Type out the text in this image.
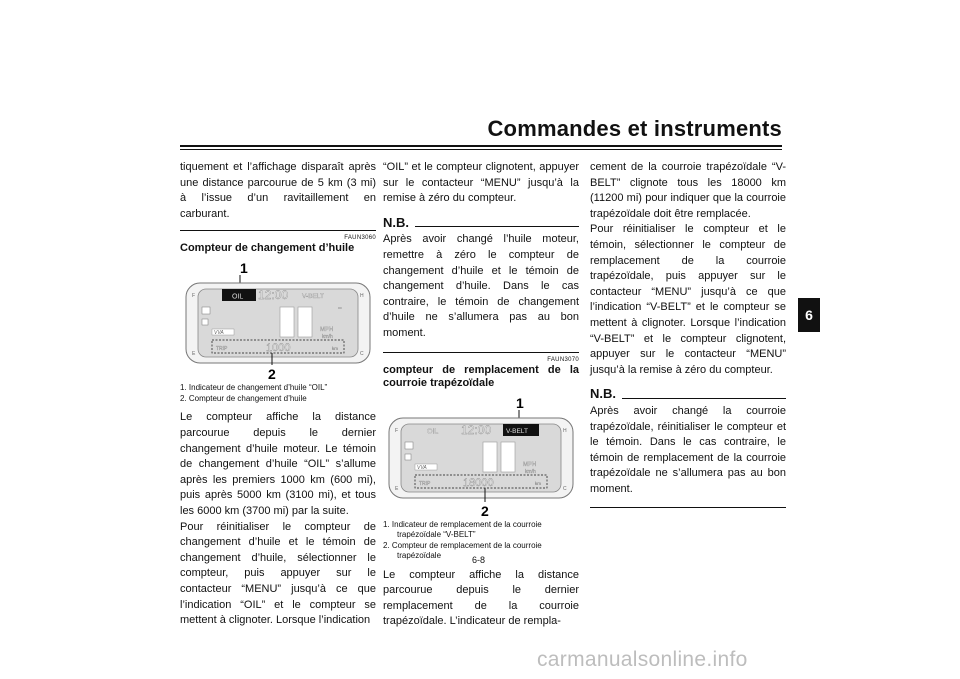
Commandes et instruments
6

tiquement et l’affichage disparaît après une distance parcourue de 5 km (3 mi) à l’issue d’un ravitaillement en carburant.

FAUN3060

Compteur de changement d’huile

1
OIL 12:00 V-BELT
F	H
E	C
▭
MPH
km/h
VVA
TRIP	1000	km
2
1. Indicateur de changement d’huile “OIL”
2. Compteur de changement d’huile

Le compteur affiche la distance parcourue depuis le dernier changement d’huile moteur. Le témoin de changement d’huile “OIL” s’allume après les premiers 1000 km (600 mi), puis après 5000 km (3100 mi), et tous les 6000 km (3700 mi) par la suite.

Pour réinitialiser le compteur de changement d’huile et le témoin de changement d’huile, sélectionner le compteur, puis appuyer sur le contacteur “MENU” jusqu’à ce que l’indication “OIL” et le compteur se mettent à clignoter. Lorsque l’indication

“OIL” et le compteur clignotent, appuyer sur le contacteur “MENU” jusqu’à la remise à zéro du compteur.

N.B.

Après avoir changé l’huile moteur, remettre à zéro le compteur de changement d’huile et le témoin de changement d’huile. Dans le cas contraire, le témoin de changement d’huile ne s’allumera pas au bon moment.

FAUN3070

compteur de remplacement de la courroie trapézoïdale

1
OIL 12:00 V-BELT
F	H
E	C
MPH
km/h
VVA
TRIP	18000	km
2
1. Indicateur de remplacement de la courroie trapézoïdale “V-BELT”
2. Compteur de remplacement de la courroie trapézoïdale

Le compteur affiche la distance parcourue depuis le dernier remplacement de la courroie trapézoïdale. L’indicateur de rempla-

cement de la courroie trapézoïdale “V-BELT” clignote tous les 18000 km (11200 mi) pour indiquer que la courroie trapézoïdale doit être remplacée.

Pour réinitialiser le compteur et le témoin, sélectionner le compteur de remplacement de la courroie trapézoïdale, puis appuyer sur le contacteur “MENU” jusqu’à ce que l’indication “V-BELT” et le compteur se mettent à clignoter. Lorsque l’indication “V-BELT” et le compteur clignotent, appuyer sur le contacteur “MENU” jusqu’à la remise à zéro du compteur.

N.B.

Après avoir changé la courroie trapézoïdale, réinitialiser le compteur et le témoin. Dans le cas contraire, le témoin de remplacement de la courroie trapézoïdale ne s’allumera pas au bon moment.

6-8
carmanualsonline.info
